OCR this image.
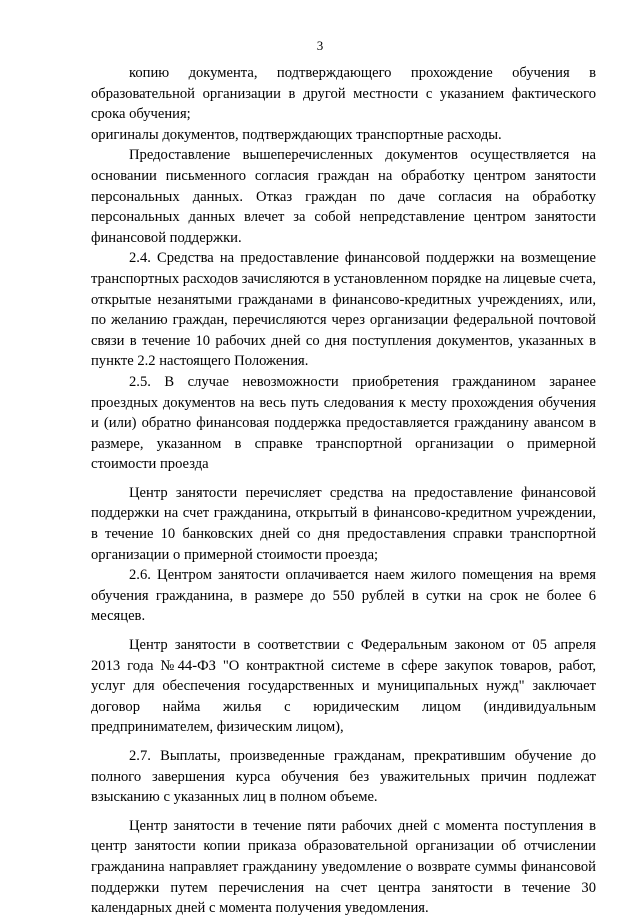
3

копию документа, подтверждающего прохождение обучения в образовательной организации в другой местности с указанием фактического срока обучения;

оригиналы документов, подтверждающих транспортные расходы.

Предоставление вышеперечисленных документов осуществляется на основании письменного согласия граждан на обработку центром занятости персональных данных. Отказ граждан по даче согласия на обработку персональных данных влечет за собой непредставление центром занятости финансовой поддержки.

2.4. Средства на предоставление финансовой поддержки на возмещение транспортных расходов зачисляются в установленном порядке на лицевые счета, открытые незанятыми гражданами в финансово-кредитных учреждениях, или, по желанию граждан, перечисляются через организации федеральной почтовой связи в течение 10 рабочих дней со дня поступления документов, указанных в пункте 2.2 настоящего Положения.

2.5. В случае невозможности приобретения гражданином заранее проездных документов на весь путь следования к месту прохождения обучения и (или) обратно финансовая поддержка предоставляется гражданину авансом в размере, указанном в справке транспортной организации о примерной стоимости проезда

Центр занятости перечисляет средства на предоставление финансовой поддержки на счет гражданина, открытый в финансово-кредитном учреждении, в течение 10 банковских дней со дня предоставления справки транспортной организации о примерной стоимости проезда;

2.6. Центром занятости оплачивается наем жилого помещения на время обучения гражданина, в размере до 550 рублей в сутки на срок не более 6 месяцев.

Центр занятости в соответствии с Федеральным законом от 05 апреля 2013 года №44-ФЗ "О контрактной системе в сфере закупок товаров, работ, услуг для обеспечения государственных и муниципальных нужд" заключает договор найма жилья с юридическим лицом (индивидуальным предпринимателем, физическим лицом),

2.7. Выплаты, произведенные гражданам, прекратившим обучение до полного завершения курса обучения без уважительных причин подлежат взысканию с указанных лиц в полном объеме.

Центр занятости в течение пяти рабочих дней с момента поступления в центр занятости копии приказа образовательной организации об отчислении гражданина направляет гражданину уведомление о возврате суммы финансовой поддержки путем перечисления на счет центра занятости в течение 30 календарных дней с момента получения уведомления.
